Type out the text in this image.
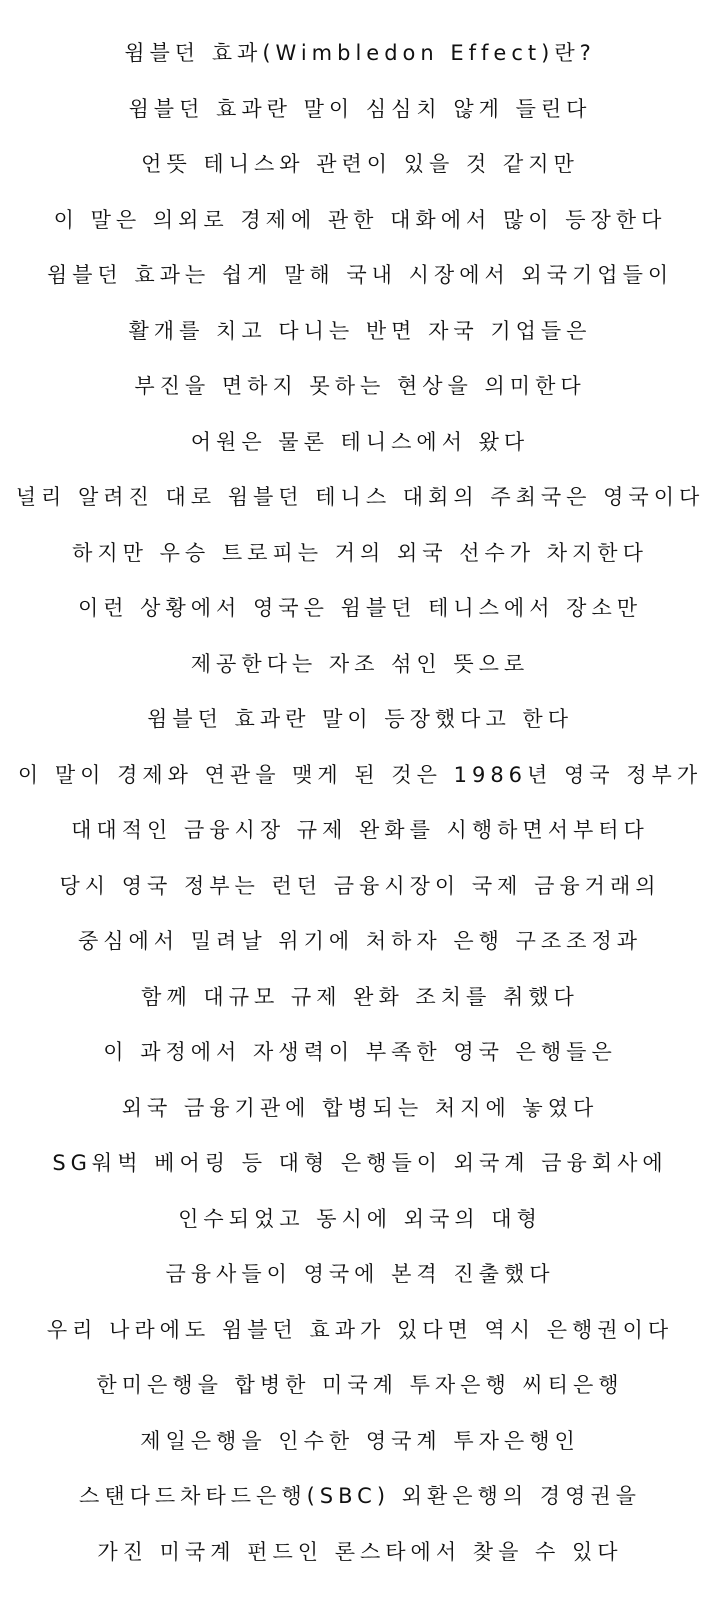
윔블던 효과(Wimbledon Effect)란?
윔블던 효과란 말이 심심치 않게 들린다
언뜻 테니스와 관련이 있을 것 같지만
이 말은 의외로 경제에 관한 대화에서 많이 등장한다
윔블던 효과는 쉽게 말해 국내 시장에서 외국기업들이
활개를 치고 다니는 반면 자국 기업들은
부진을 면하지 못하는 현상을 의미한다
어원은 물론 테니스에서 왔다
널리 알려진 대로 윔블던 테니스 대회의 주최국은 영국이다
하지만 우승 트로피는 거의 외국 선수가 차지한다
이런 상황에서 영국은 윔블던 테니스에서 장소만
제공한다는 자조 섞인 뜻으로
윔블던 효과란 말이 등장했다고 한다
이 말이 경제와 연관을 맺게 된 것은 1986년 영국 정부가
대대적인 금융시장 규제 완화를 시행하면서부터다
당시 영국 정부는 런던 금융시장이 국제 금융거래의
중심에서 밀려날 위기에 처하자 은행 구조조정과
함께 대규모 규제 완화 조치를 취했다
이 과정에서 자생력이 부족한 영국 은행들은
외국 금융기관에 합병되는 처지에 놓였다
SG워벅 베어링 등 대형 은행들이 외국계 금융회사에
인수되었고 동시에 외국의 대형
금융사들이 영국에 본격 진출했다
우리 나라에도 윔블던 효과가 있다면 역시 은행권이다
한미은행을 합병한 미국계 투자은행 씨티은행
제일은행을 인수한 영국계 투자은행인
스탠다드차타드은행(SBC) 외환은행의 경영권을
가진 미국계 펀드인 론스타에서 찾을 수 있다
